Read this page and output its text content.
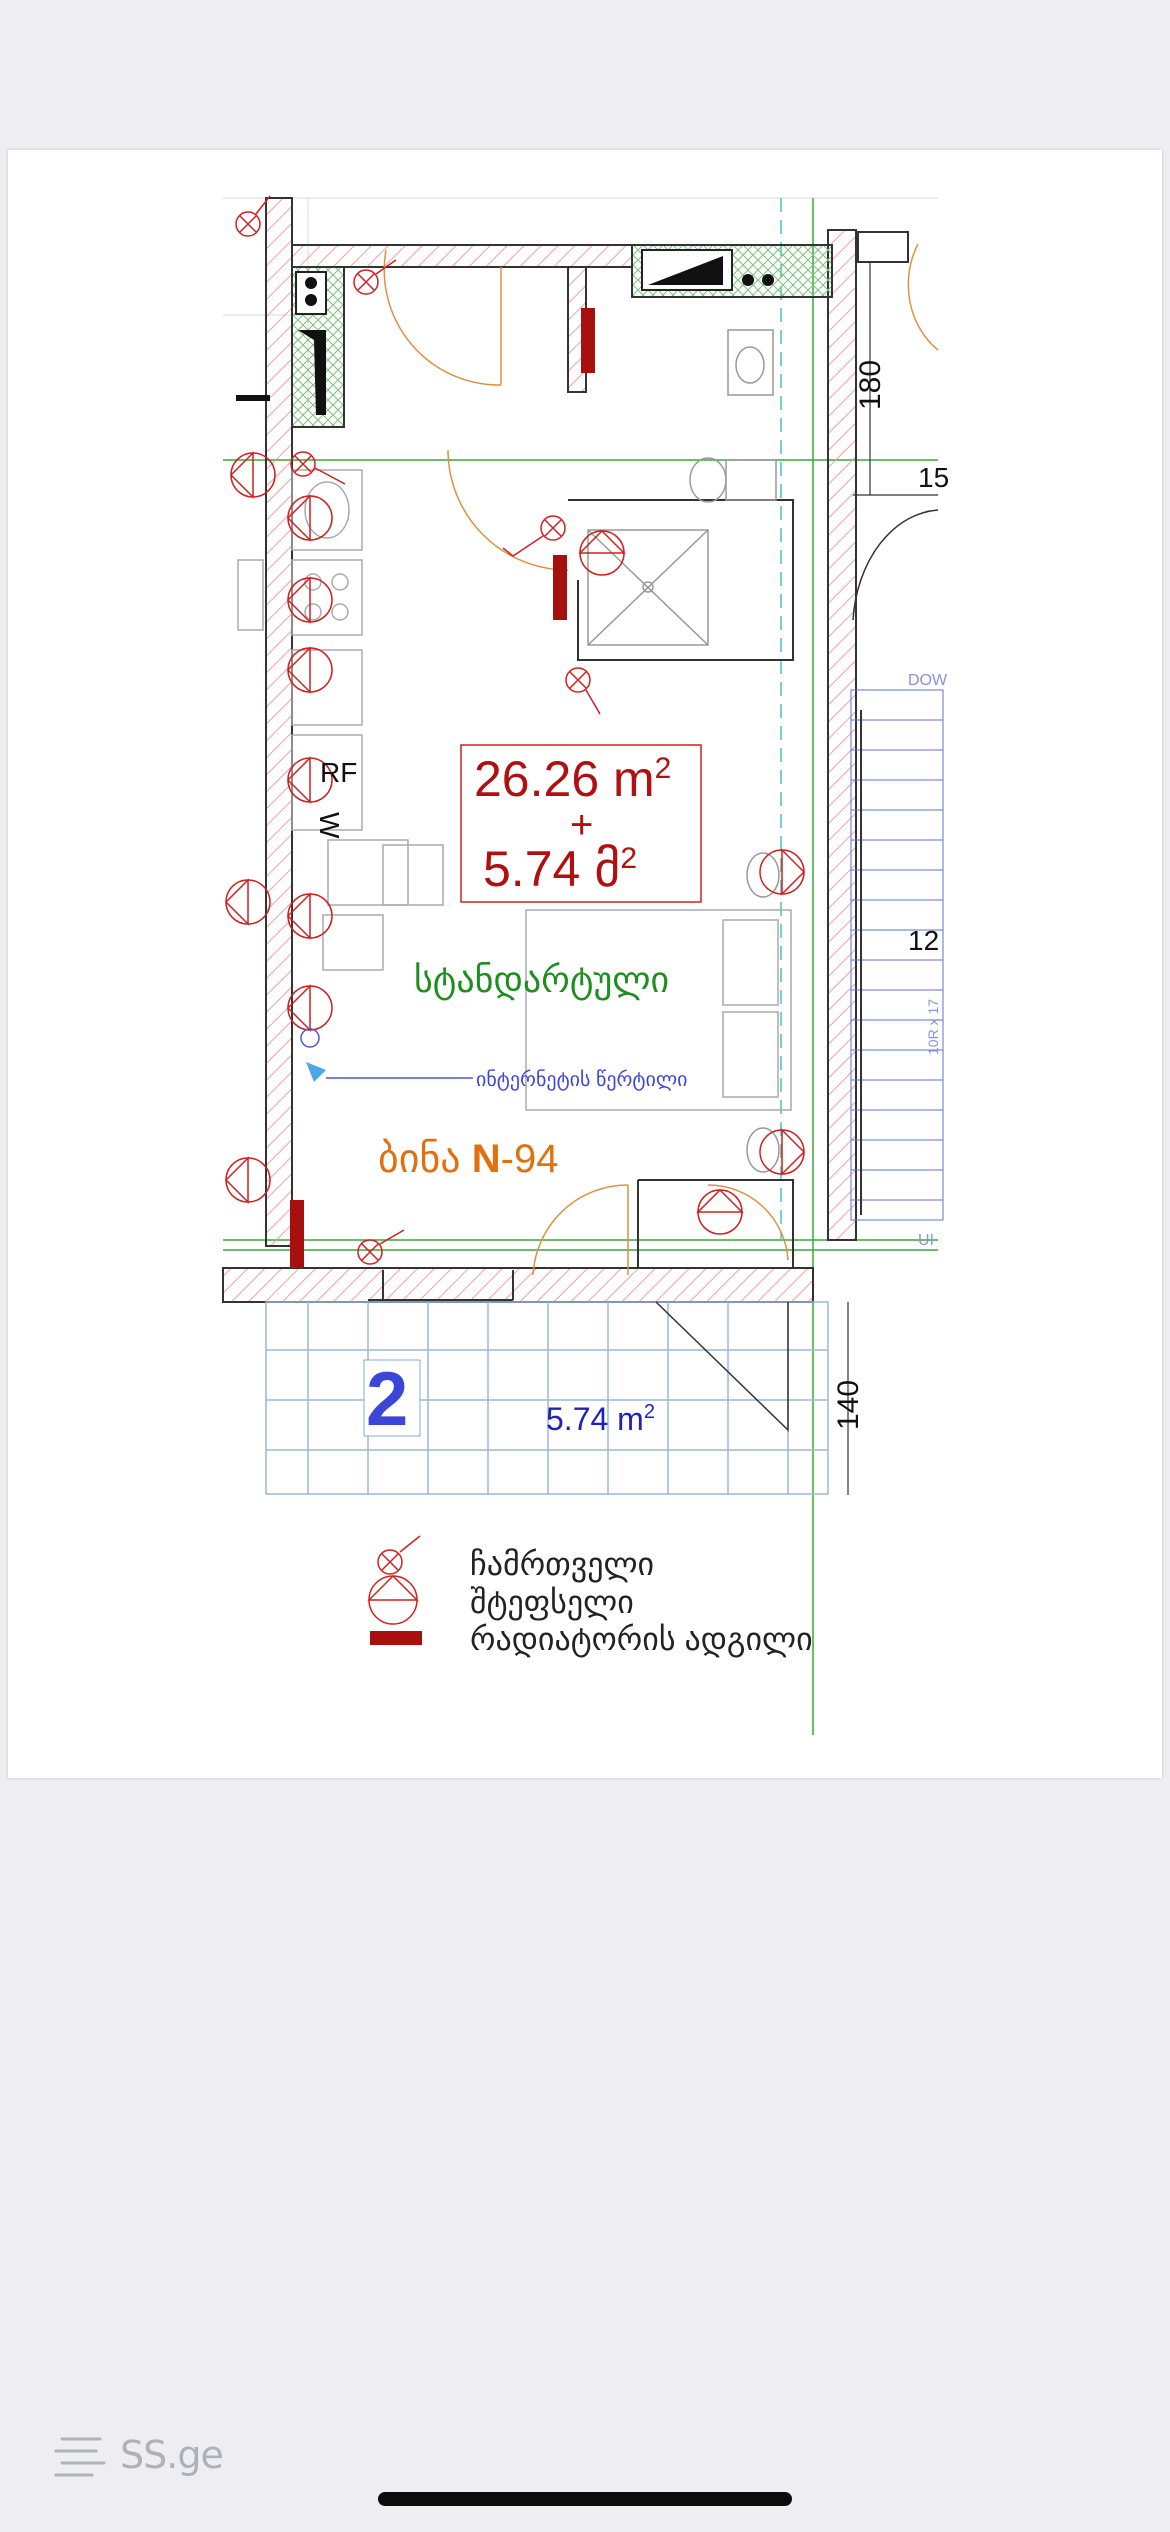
DOW
UI
10R x 17
12
15
W
RF 26.26 $m^2$
+
5.74 მ$^2$
სტანდარტული
ინტერნეტის წერტილი
ბინა N-94
2	5.74 $m^2$
180
140
ჩამრთველი
შტეფსელი
რადიატორის ადგილი
SS.ge
